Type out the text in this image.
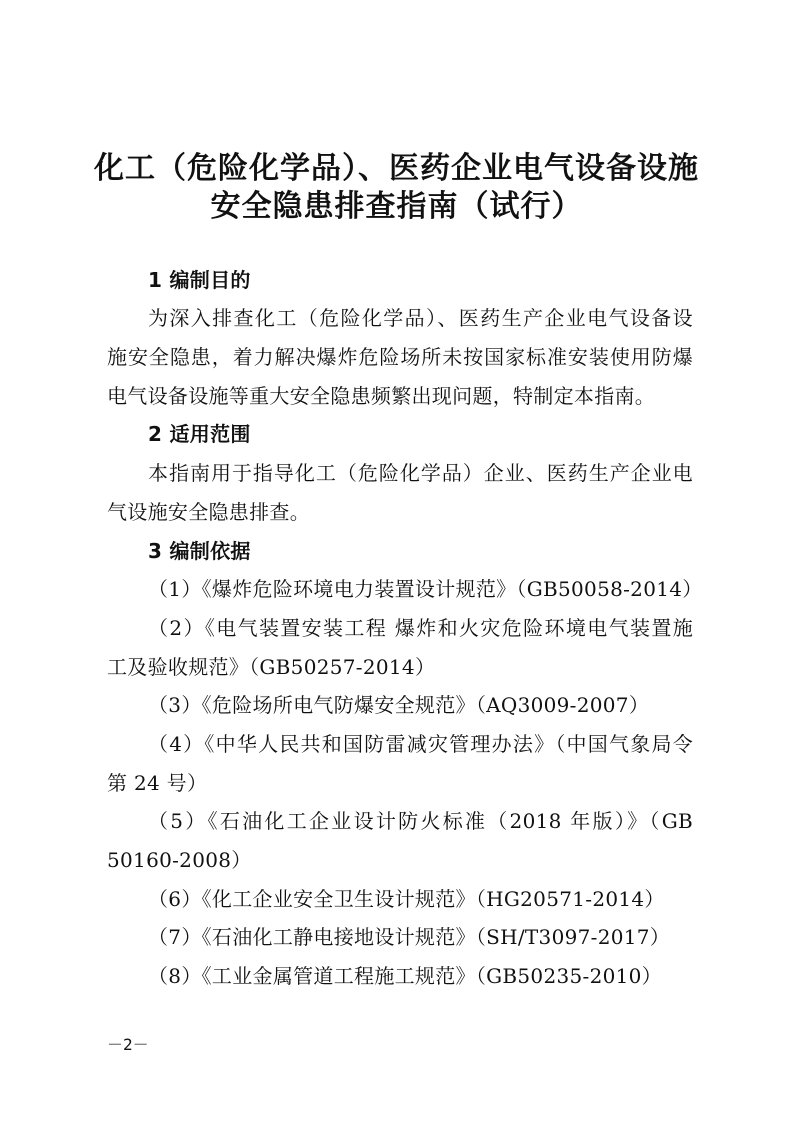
化工（危险化学品）、医药企业电气设备设施
安全隐患排查指南（试行）
1 编制目的
为深入排查化工（危险化学品）、医药生产企业电气设备设
施安全隐患，着力解决爆炸危险场所未按国家标准安装使用防爆
电气设备设施等重大安全隐患频繁出现问题，特制定本指南。
2 适用范围
本指南用于指导化工（危险化学品）企业、医药生产企业电
气设施安全隐患排查。
3 编制依据
（1）《爆炸危险环境电力装置设计规范》（GB50058-2014）
（2）《电气装置安装工程 爆炸和火灾危险环境电气装置施
工及验收规范》（GB50257-2014）
（3）《危险场所电气防爆安全规范》（AQ3009-2007）
（4）《中华人民共和国防雷减灾管理办法》（中国气象局令
第 24 号）
（5）《石油化工企业设计防火标准（2018 年版）》（GB
50160-2008）
（6）《化工企业安全卫生设计规范》（HG20571-2014）
（7）《石油化工静电接地设计规范》（SH/T3097-2017）
（8）《工业金属管道工程施工规范》（GB50235-2010）
－2－
